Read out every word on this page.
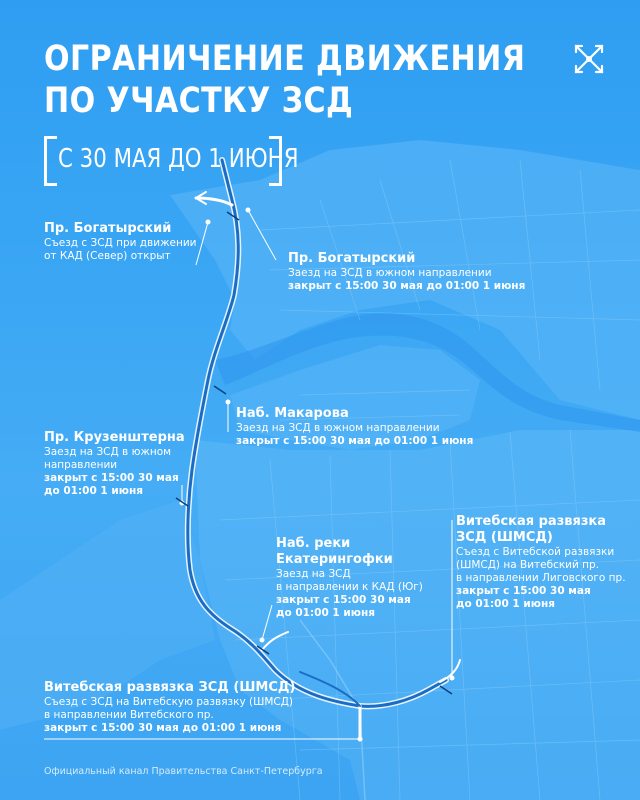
ОГРАНИЧЕНИЕ ДВИЖЕНИЯ
ПО УЧАСТКУ ЗСД
С 30 МАЯ ДО 1 ИЮНЯ
Пр. Богатырский
Съезд с ЗСД при движении
от КАД (Север) открыт	Пр. Богатырский
Заезд на ЗСД в южном направлении
закрыт с 15:00 30 мая до 01:00 1 июня
Наб. Макарова
Заезд на ЗСД в южном направлении
закрыт с 15:00 30 мая до 01:00 1 июня
Пр. Крузенштерна
Заезд на ЗСД в южном
направлении
закрыт с 15:00 30 мая
до 01:00 1 июня
Наб. реки
Екатерингофки
Заезд на ЗСД
в направлении к КАД (Юг)
закрыт с 15:00 30 мая
до 01:00 1 июня
Витебская развязка
ЗСД (ШМСД)
Съезд с Витебской развязки
(ШМСД) на Витебский пр.
в направлении Лиговского пр.
закрыт с 15:00 30 мая
до 01:00 1 июня
Витебская развязка ЗСД (ШМСД)
Съезд с ЗСД на Витебскую развязку (ШМСД)
в направлении Витебского пр.
закрыт с 15:00 30 мая до 01:00 1 июня
Официальный канал Правительства Санкт-Петербурга
